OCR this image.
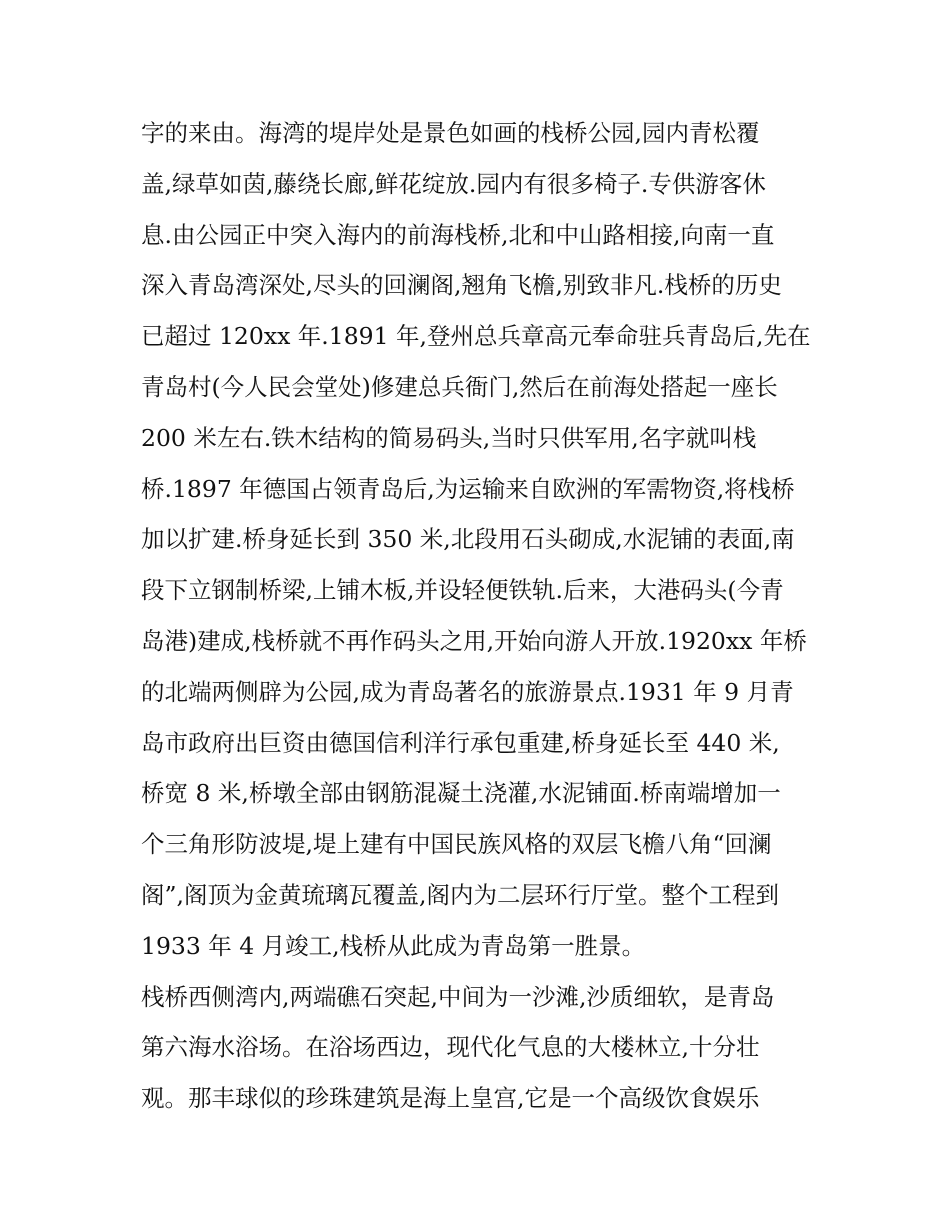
字的来由。海湾的堤岸处是景色如画的栈桥公园,园内青松覆
盖,绿草如茵,藤绕长廊,鲜花绽放.园内有很多椅子.专供游客休
息.由公园正中突入海内的前海栈桥,北和中山路相接,向南一直
深入青岛湾深处,尽头的回澜阁,翘角飞檐,别致非凡.栈桥的历史
已超过 120xx 年.1891 年,登州总兵章高元奉命驻兵青岛后,先在
青岛村(今人民会堂处)修建总兵衙门,然后在前海处搭起一座长
200 米左右.铁木结构的简易码头,当时只供军用,名字就叫栈
桥.1897 年德国占领青岛后,为运输来自欧洲的军需物资,将栈桥
加以扩建.桥身延长到 350 米,北段用石头砌成,水泥铺的表面,南
段下立钢制桥梁,上铺木板,并设轻便铁轨.后来，大港码头(今青
岛港)建成,栈桥就不再作码头之用,开始向游人开放.1920xx 年桥
的北端两侧辟为公园,成为青岛著名的旅游景点.1931 年 9 月青
岛市政府出巨资由德国信利洋行承包重建,桥身延长至 440 米,
桥宽 8 米,桥墩全部由钢筋混凝土浇灌,水泥铺面.桥南端增加一
个三角形防波堤,堤上建有中国民族风格的双层飞檐八角“回澜
阁”,阁顶为金黄琉璃瓦覆盖,阁内为二层环行厅堂。整个工程到
1933 年 4 月竣工,栈桥从此成为青岛第一胜景。
栈桥西侧湾内,两端礁石突起,中间为一沙滩,沙质细软，是青岛
第六海水浴场。在浴场西边，现代化气息的大楼林立,十分壮
观。那丰球似的珍珠建筑是海上皇宫,它是一个高级饮食娱乐
